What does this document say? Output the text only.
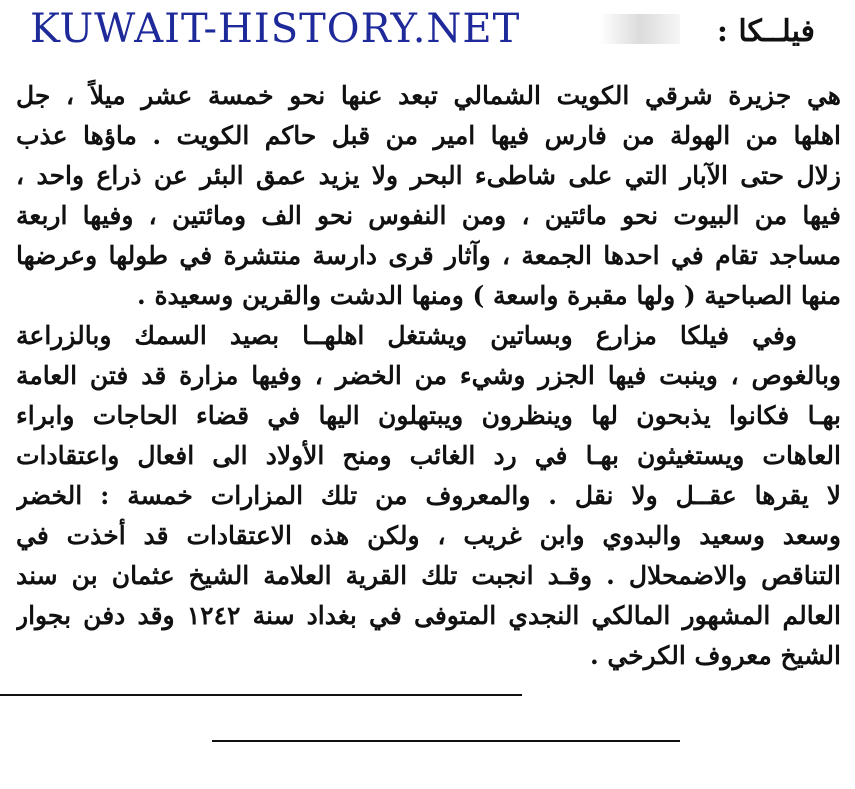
KUWAIT-HISTORY.NET	فيلــكا :
هي جزيرة شرقي الكويت الشمالي تبعد عنها نحو خمسة عشر ميلاً ، جل
اهلها من الهولة من فارس فيها امير من قبل حاكم الكويت . ماؤها عذب
زلال حتى الآبار التي على شاطىء البحر ولا يزيد عمق البئر عن ذراع واحد ،
فيها من البيوت نحو مائتين ، ومن النفوس نحو الف ومائتين ، وفيها اربعة
مساجد تقام في احدها الجمعة ، وآثار قرى دارسة منتشرة في طولها وعرضها
منها الصباحية ( ولها مقبرة واسعة ) ومنها الدشت والقرين وسعيدة .
وفي فيلكا مزارع وبساتين ويشتغل اهلهــا بصيد السمك وبالزراعة
وبالغوص ، وينبت فيها الجزر وشيء من الخضر ، وفيها مزارة قد فتن العامة
بهـا فكانوا يذبحون لها وينظرون ويبتهلون اليها في قضاء الحاجات وابراء
العاهات ويستغيثون بهـا في رد الغائب ومنح الأولاد الى افعال واعتقادات
لا يقرها عقــل ولا نقل . والمعروف من تلك المزارات خمسة : الخضر
وسعد وسعيد والبدوي وابن غريب ، ولكن هذه الاعتقادات قد أخذت في
التناقص والاضمحلال . وقـد انجبت تلك القرية العلامة الشيخ عثمان بن سند
العالم المشهور المالكي النجدي المتوفى في بغداد سنة ١٢٤٢ وقد دفن بجوار
الشيخ معروف الكرخي .
